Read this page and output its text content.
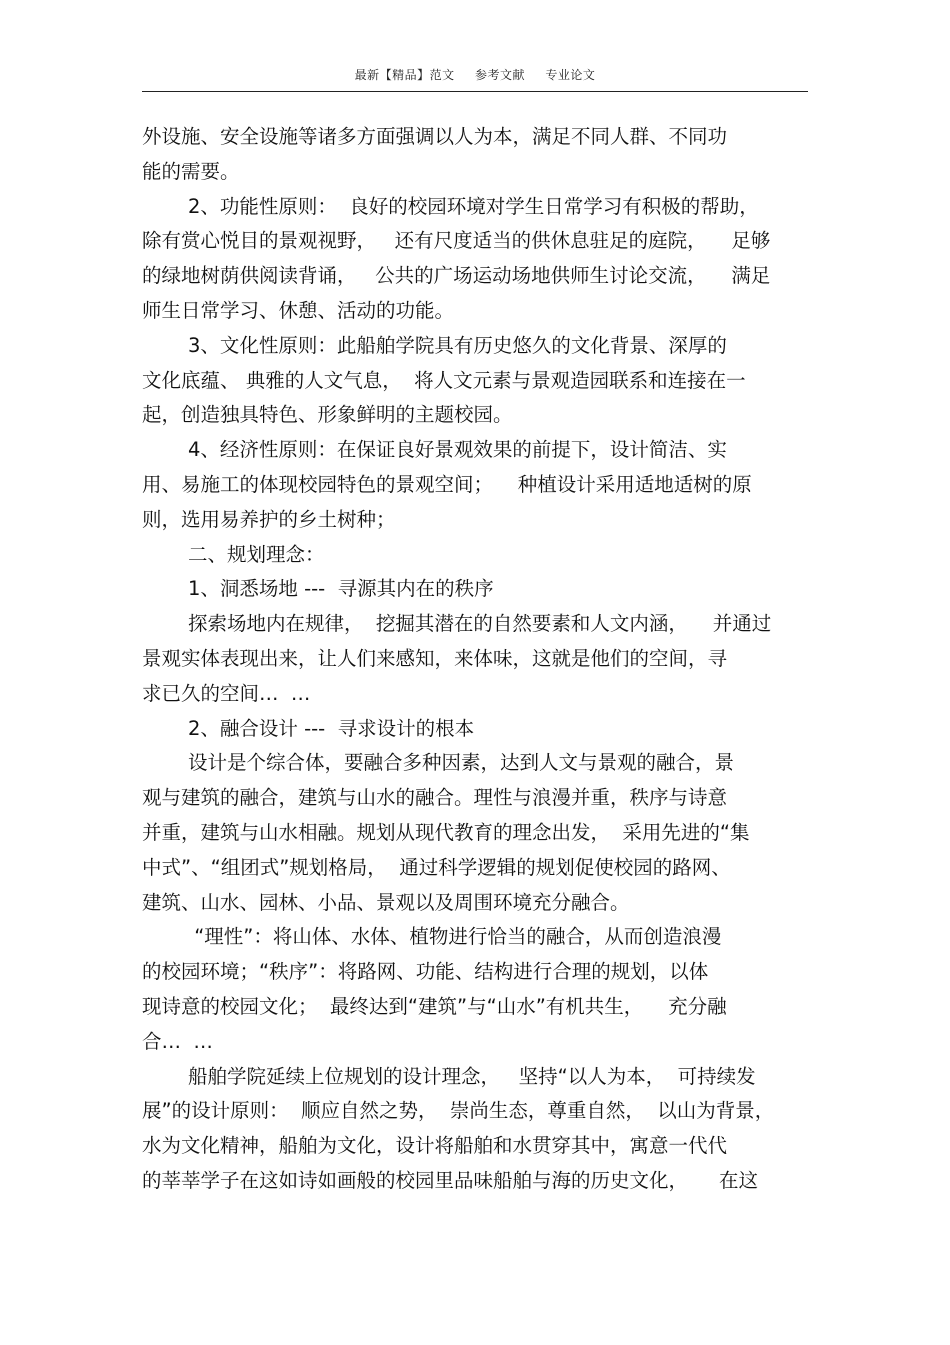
最新【精品】范文 参考文献 专业论文
外设施、安全设施等诸多方面强调以人为本，满足不同人群、不同功
能的需要。
2、功能性原则：  良好的校园环境对学生日常学习有积极的帮助，
除有赏心悦目的景观视野，   还有尺度适当的供休息驻足的庭院，    足够
的绿地树荫供阅读背诵，   公共的广场运动场地供师生讨论交流，    满足
师生日常学习、休憩、活动的功能。
3、文化性原则：此船舶学院具有历史悠久的文化背景、深厚的
文化底蕴、 典雅的人文气息，  将人文元素与景观造园联系和连接在一
起，创造独具特色、形象鲜明的主题校园。
4、经济性原则：在保证良好景观效果的前提下，设计简洁、实
用、易施工的体现校园特色的景观空间；    种植设计采用适地适树的原
则，选用易养护的乡土树种；
二、规划理念：
1、洞悉场地 ---  寻源其内在的秩序
探索场地内在规律，  挖掘其潜在的自然要素和人文内涵，    并通过
景观实体表现出来，让人们来感知，来体味，这就是他们的空间，寻
求已久的空间…  …
2、融合设计 ---  寻求设计的根本
设计是个综合体，要融合多种因素，达到人文与景观的融合，景
观与建筑的融合，建筑与山水的融合。理性与浪漫并重，秩序与诗意
并重，建筑与山水相融。规划从现代教育的理念出发，  采用先进的“集
中式”、“组团式”规划格局，  通过科学逻辑的规划促使校园的路网、
建筑、山水、园林、小品、景观以及周围环境充分融合。
“理性”：将山体、水体、植物进行恰当的融合，从而创造浪漫
的校园环境；“秩序”：将路网、功能、结构进行合理的规划，以体
现诗意的校园文化；  最终达到“建筑”与“山水”有机共生，    充分融
合…  …
船舶学院延续上位规划的设计理念，   坚持“以人为本，  可持续发
展”的设计原则：  顺应自然之势，  崇尚生态，尊重自然，  以山为背景，
水为文化精神，船舶为文化，设计将船舶和水贯穿其中，寓意一代代
的莘莘学子在这如诗如画般的校园里品味船舶与海的历史文化，     在这
